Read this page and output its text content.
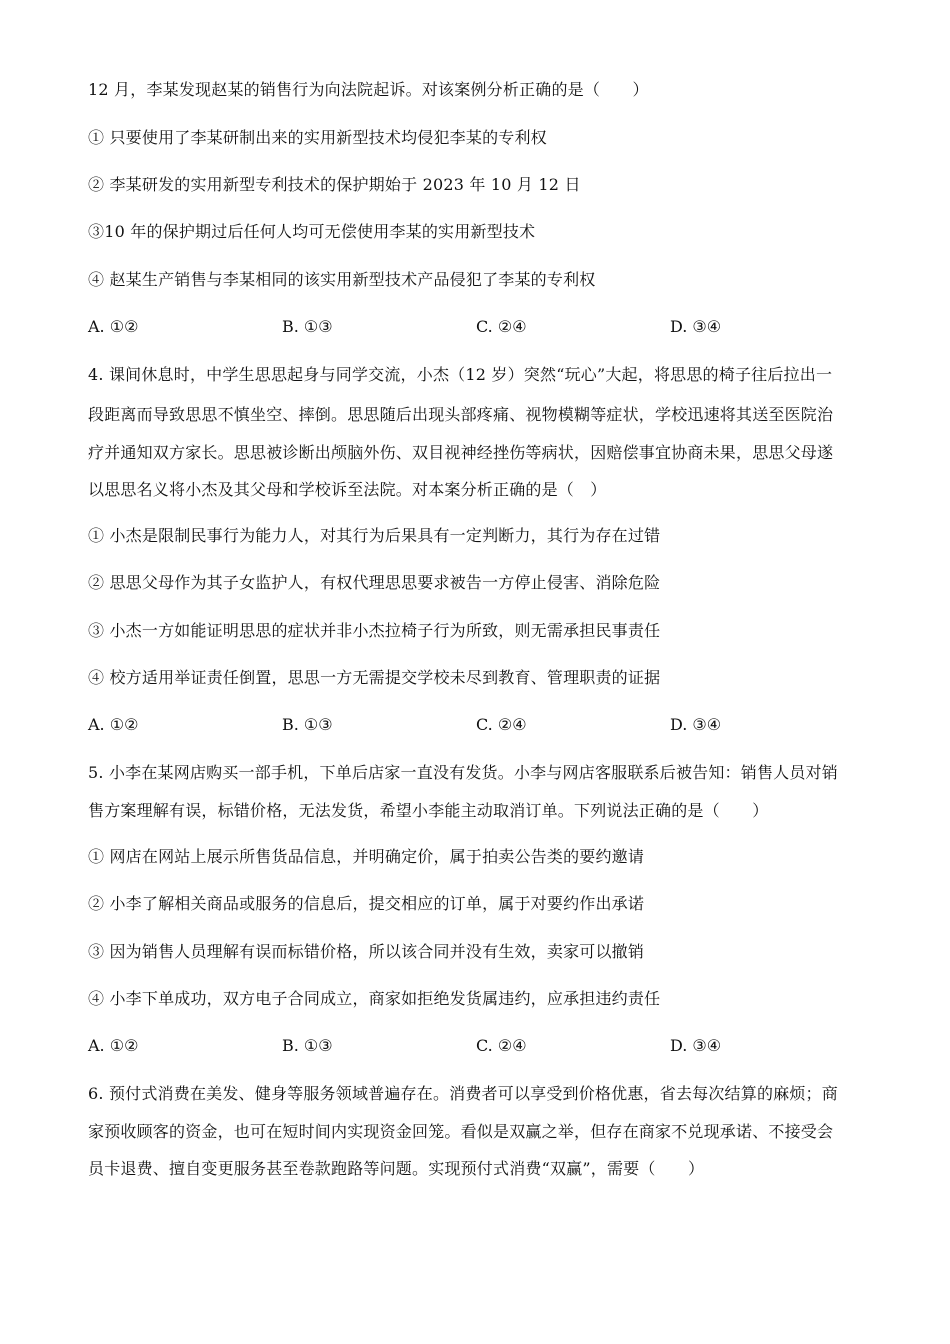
12 月，李某发现赵某的销售行为向法院起诉。对该案例分析正确的是（　　）
① 只要使用了李某研制出来的实用新型技术均侵犯李某的专利权
② 李某研发的实用新型专利技术的保护期始于 2023 年 10 月 12 日
③10 年的保护期过后任何人均可无偿使用李某的实用新型技术
④ 赵某生产销售与李某相同的该实用新型技术产品侵犯了李某的专利权
A. ①②	B. ①③	C. ②④	D. ③④
4. 课间休息时，中学生思思起身与同学交流，小杰（12 岁）突然“玩心”大起，将思思的椅子往后拉出一
段距离而导致思思不慎坐空、摔倒。思思随后出现头部疼痛、视物模糊等症状，学校迅速将其送至医院治
疗并通知双方家长。思思被诊断出颅脑外伤、双目视神经挫伤等病状，因赔偿事宜协商未果，思思父母遂
以思思名义将小杰及其父母和学校诉至法院。对本案分析正确的是（　）
① 小杰是限制民事行为能力人，对其行为后果具有一定判断力，其行为存在过错
② 思思父母作为其子女监护人，有权代理思思要求被告一方停止侵害、消除危险
③ 小杰一方如能证明思思的症状并非小杰拉椅子行为所致，则无需承担民事责任
④ 校方适用举证责任倒置，思思一方无需提交学校未尽到教育、管理职责的证据
A. ①②	B. ①③	C. ②④	D. ③④
5. 小李在某网店购买一部手机，下单后店家一直没有发货。小李与网店客服联系后被告知：销售人员对销
售方案理解有误，标错价格，无法发货，希望小李能主动取消订单。下列说法正确的是（　　）
① 网店在网站上展示所售货品信息，并明确定价，属于拍卖公告类的要约邀请
② 小李了解相关商品或服务的信息后，提交相应的订单，属于对要约作出承诺
③ 因为销售人员理解有误而标错价格，所以该合同并没有生效，卖家可以撤销
④ 小李下单成功，双方电子合同成立，商家如拒绝发货属违约，应承担违约责任
A. ①②	B. ①③	C. ②④	D. ③④
6. 预付式消费在美发、健身等服务领域普遍存在。消费者可以享受到价格优惠，省去每次结算的麻烦；商
家预收顾客的资金，也可在短时间内实现资金回笼。看似是双赢之举，但存在商家不兑现承诺、不接受会
员卡退费、擅自变更服务甚至卷款跑路等问题。实现预付式消费“双赢”，需要（　　）
